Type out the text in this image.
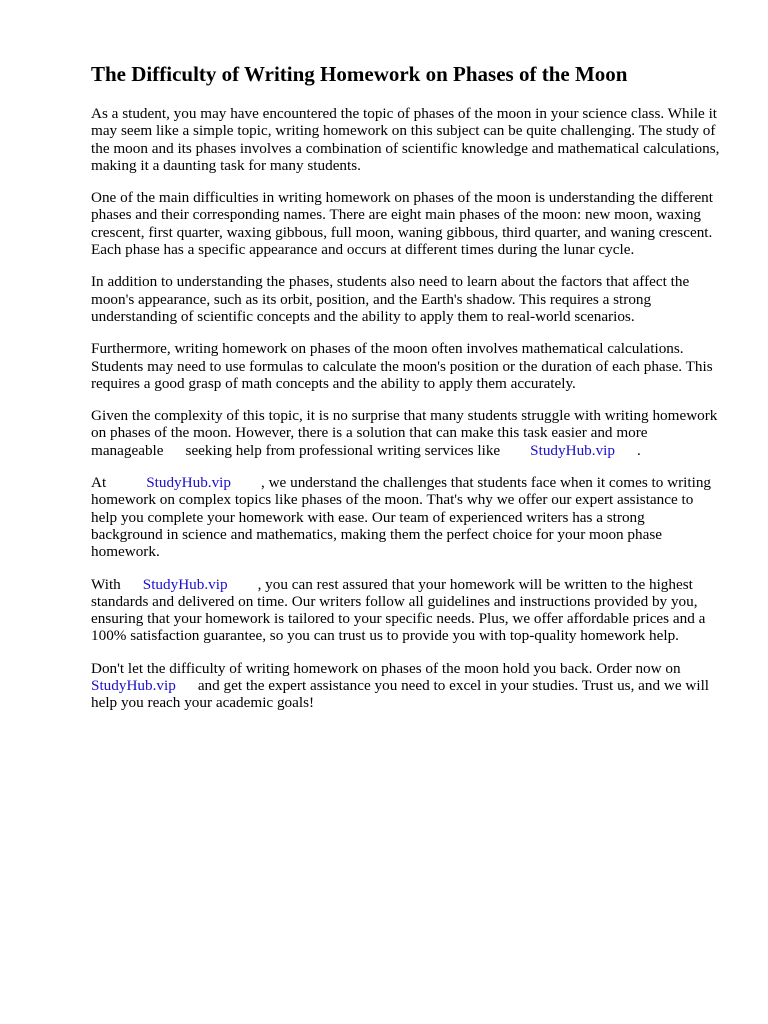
The Difficulty of Writing Homework on Phases of the Moon

As a student, you may have encountered the topic of phases of the moon in your science class. While it may seem like a simple topic, writing homework on this subject can be quite challenging. The study of the moon and its phases involves a combination of scientific knowledge and mathematical calculations, making it a daunting task for many students.

One of the main difficulties in writing homework on phases of the moon is understanding the different phases and their corresponding names. There are eight main phases of the moon: new moon, waxing crescent, first quarter, waxing gibbous, full moon, waning gibbous, third quarter, and waning crescent. Each phase has a specific appearance and occurs at different times during the lunar cycle.

In addition to understanding the phases, students also need to learn about the factors that affect the moon's appearance, such as its orbit, position, and the Earth's shadow. This requires a strong understanding of scientific concepts and the ability to apply them to real-world scenarios.

Furthermore, writing homework on phases of the moon often involves mathematical calculations. Students may need to use formulas to calculate the moon's position or the duration of each phase. This requires a good grasp of math concepts and the ability to apply them accurately.

Given the complexity of this topic, it is no surprise that many students struggle with writing homework on phases of the moon. However, there is a solution that can make this task easier and more manageable seeking help from professional writing services like StudyHub.vip .

At	StudyHub.vip , we understand the challenges that students face when it comes to writing homework on complex topics like phases of the moon. That's why we offer our expert assistance to help you complete your homework with ease. Our team of experienced writers has a strong background in science and mathematics, making them the perfect choice for your moon phase homework.

With StudyHub.vip , you can rest assured that your homework will be written to the highest standards and delivered on time. Our writers follow all guidelines and instructions provided by you, ensuring that your homework is tailored to your specific needs. Plus, we offer affordable prices and a 100% satisfaction guarantee, so you can trust us to provide you with top-quality homework help.

Don't let the difficulty of writing homework on phases of the moon hold you back. Order now on StudyHub.vip and get the expert assistance you need to excel in your studies. Trust us, and we will help you reach your academic goals!
